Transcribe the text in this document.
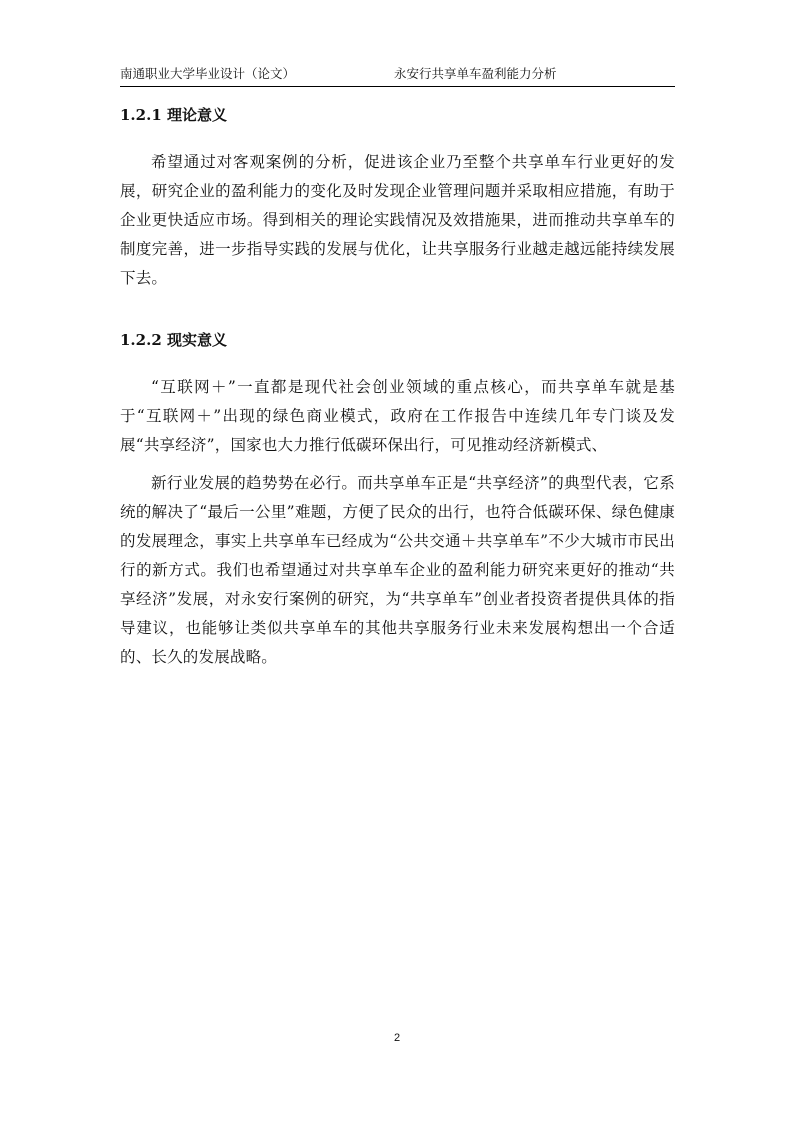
南通职业大学毕业设计（论文）	永安行共享单车盈利能力分析
1.2.1 理论意义

希望通过对客观案例的分析，促进该企业乃至整个共享单车行业更好的发展，研究企业的盈利能力的变化及时发现企业管理问题并采取相应措施，有助于企业更快适应市场。得到相关的理论实践情况及效措施果，进而推动共享单车的制度完善，进一步指导实践的发展与优化，让共享服务行业越走越远能持续发展下去。

1.2.2 现实意义

“互联网＋”一直都是现代社会创业领域的重点核心，而共享单车就是基于“互联网＋”出现的绿色商业模式，政府在工作报告中连续几年专门谈及发展“共享经济”，国家也大力推行低碳环保出行，可见推动经济新模式、

新行业发展的趋势势在必行。而共享单车正是“共享经济”的典型代表，它系统的解决了“最后一公里”难题，方便了民众的出行，也符合低碳环保、绿色健康的发展理念，事实上共享单车已经成为“公共交通＋共享单车”不少大城市市民出行的新方式。我们也希望通过对共享单车企业的盈利能力研究来更好的推动“共享经济”发展，对永安行案例的研究，为“共享单车”创业者投资者提供具体的指导建议，也能够让类似共享单车的其他共享服务行业未来发展构想出一个合适的、长久的发展战略。

2
